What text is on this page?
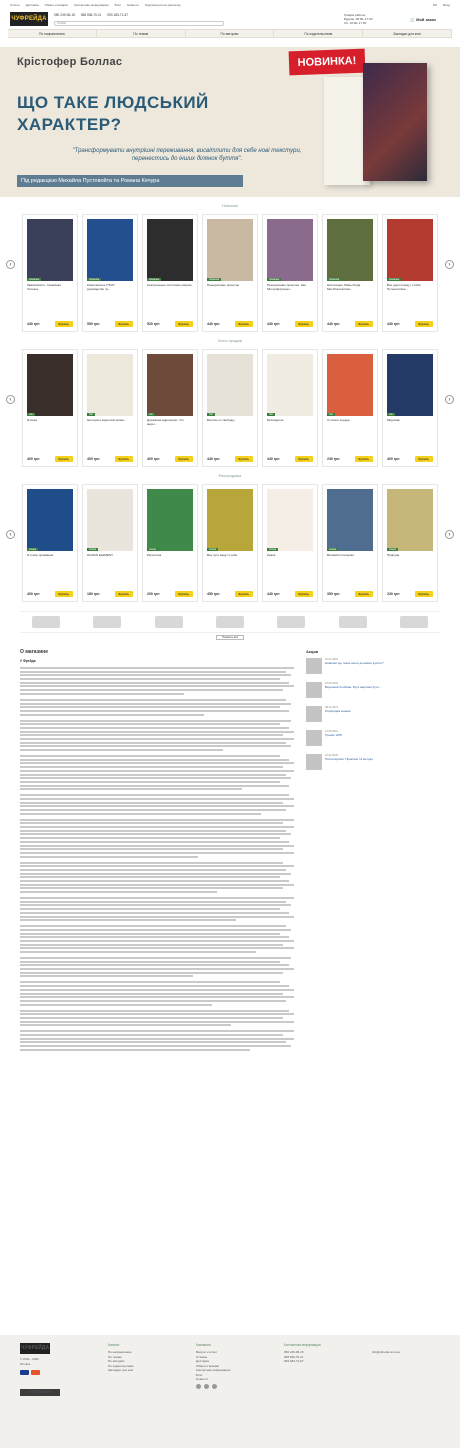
Статьи Доставка Обмен и возврат Контактная информация Блог Новости Подписаться на рассылку	RU Вход
ЧУФРЕЙДА
050 249-06-15 068 536-70-11 093 183-71-67
Поиск
График работы:
Будние: 09:00–17:00
Сб: 10:00–17:00
🛒 Мой заказ
По направлению	По темам	По авторам	По издательствам	Закладки для книг
Крістофер Боллас	НОВИНКА!
ЩО ТАКЕ ЛЮДСЬКИЙ ХАРАКТЕР?
"Трансформувати внутрішні переживання, висвітлити для себе нові текстури, перенестись до інших ділянок буття".
Під редакцією Михайла Пустовойта та Романа Кечура
Новинки
‹	›
Новинка
Зависимость. Семейная болезнь
440 грн	Купить
Новинка
Комплексное ПТСР: руководство по...
550 грн	Купить
Новинка
Сексуальные состояния разума
520 грн	Купить
Новинка
Преодоление прошлое
440 грн	Купить
Новинка
Преодоление прошлое. Как Мнтерфокусных...
440 грн	Купить
Новинка
Настоящие Тайны Рода. Метаболические...
440 грн	Купить
Новинка
Все дороги ведут к себе. Путешествие...
440 грн	Купить
Хиты продаж
‹	›
Хит
Я-кожа
400 грн	Купить
Хит
На пороге взрослой жизни...
400 грн	Купить
Хит
Душевная адресация. Что ведет...
400 грн	Купить
Хит
Бегство от свободы
440 грн	Купить
Хит
Бессмертие
440 грн	Купить
Хит
От всего сердца
230 грн	Купить
Хит
Мидлмас
400 грн	Купить
Распродажа
‹	›
Акция
Я и мое призвание
400 грн	Купить
Акция
HUMAN ELEMENT
180 грн	Купить
Акция
Регрессия
200 грн	Купить
Акция
Все пути ведут к себе
450 грн	Купить
Акция
Краса
440 грн	Купить
Акция
Великий потенциал
350 грн	Купить
Акция
Природа
230 грн	Купить
Показать всё
О магазине
У Фрейда
Акции
01.01.2023
Новинки где такие книги дешевле купить?
15.05.2022
Вероника Хлябова. Бути вартими бути...
08.12.2021
Розпродаж книжок
12.06.2021
Тренінг НЛП
21.02.2020
Психотерапія. Практики та методи
ЧУФРЕЙДА
© 2011 - 2023
Оплата
ХОРОШОП
Каталог
По направлению
По темам
По авторам
По издательствам
Закладки для книг
Компания
Вопрос и ответ
Отзывы
Доставка
Обмен и возврат
Контактная информация
Блог
Новости
Контактная информация
050 249-06-15
068 536-70-11
093 183-71-67
info@ufreida.com.ua
